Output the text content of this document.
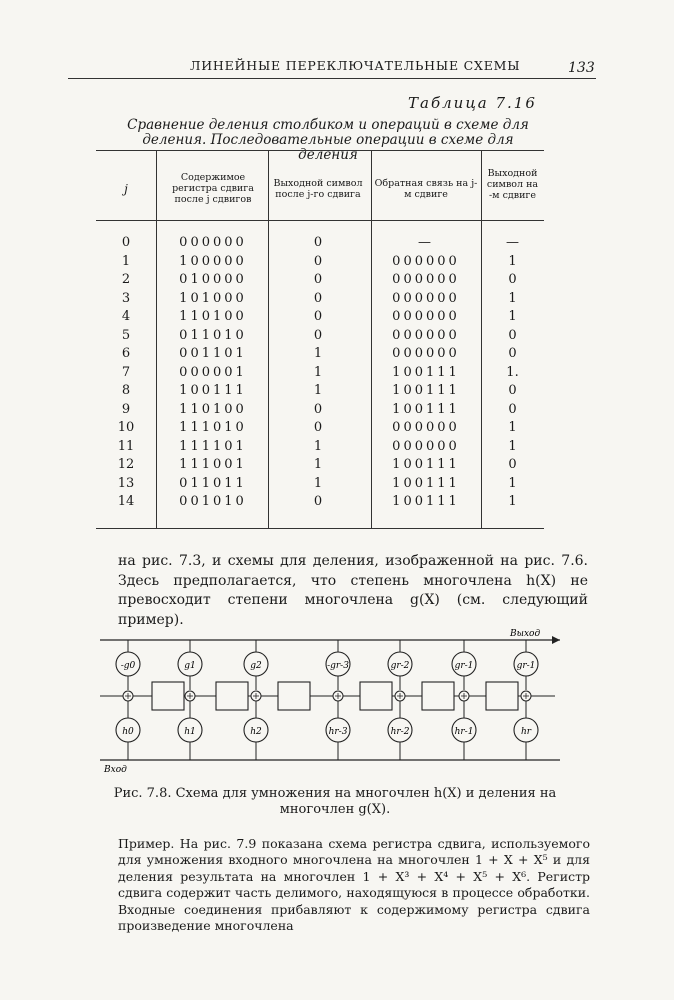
ЛИНЕЙНЫЕ ПЕРЕКЛЮЧАТЕЛЬНЫЕ СХЕМЫ	133
Таблица 7.16
Сравнение деления столбиком и операций в схеме для деления. Последовательные операции в схеме для деления
j
Содержимое регистра сдвига после j сдвигов
Выходной символ после j-го сдвига
Обратная связь на j-м сдвиге
Выходной символ на -м сдвиге
0	000000	0	—	—
1	100000	0	000000	1
2	010000	0	000000	0
3	101000	0	000000	1
4	110100	0	000000	1
5	011010	0	000000	0
6	001101	1	000000	0
7	000001	1	100111	1.
8	100111	1	100111	0
9	110100	0	100111	0
10	111010	0	000000	1
11	111101	1	000000	1
12	111001	1	100111	0
13	011011	1	100111	1
14	001010	0	100111	1
на рис. 7.3, и схемы для деления, изображенной на рис. 7.6. Здесь предполагается, что степень многочлена h(X) не превосходит степени многочлена g(X) (см. следующий пример).
Выход
Вход
-g0
h0
g1
h1
g2
h2
-gr-3
hr-3
gr-2
hr-2
gr-1
hr-1
gr-1
hr
Рис. 7.8. Схема для умножения на многочлен h(X) и деления на многочлен g(X).
Пример. На рис. 7.9 показана схема регистра сдвига, используемого для умножения входного многочлена на многочлен 1 + X + X⁵ и для деления результата на многочлен 1 + X³ + X⁴ + X⁵ + X⁶. Регистр сдвига содержит часть делимого, находящуюся в процессе обработки. Входные соединения прибавляют к содержимому регистра сдвига произведение многочлена
